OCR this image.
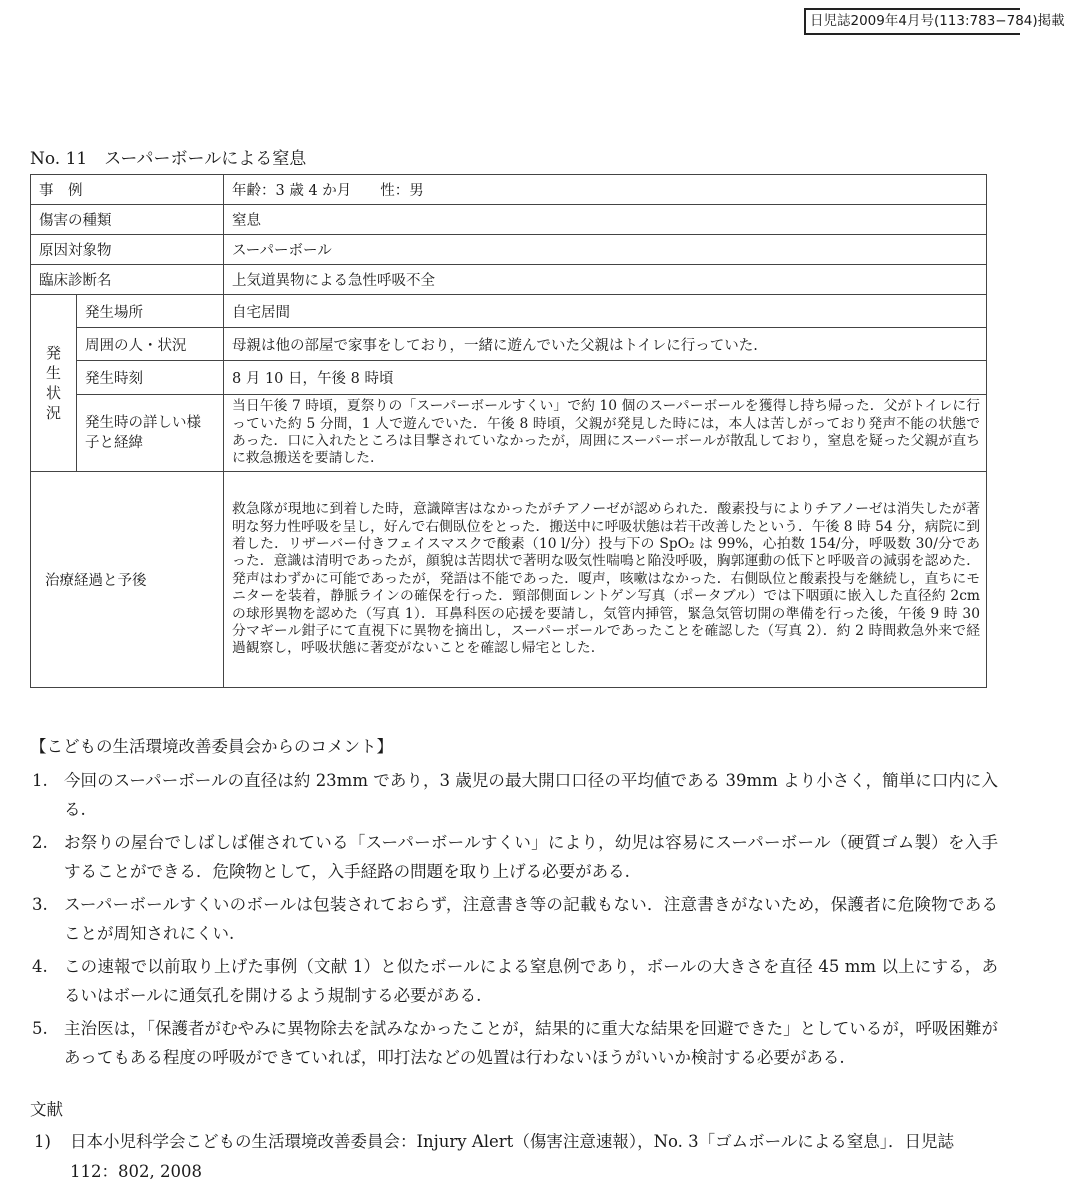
日児誌2009年4月号(113:783−784)掲載
No. 11　スーパーボールによる窒息
事　例		年齢：3 歳 4 か月　　性：男
傷害の種類		窒息
原因対象物		スーパーボール
臨床診断名		上気道異物による急性呼吸不全
発生状況	発生場所	自宅居間
	周囲の人・状況	母親は他の部屋で家事をしており，一緒に遊んでいた父親はトイレに行っていた.
	発生時刻	8 月 10 日，午後 8 時頃
	発生時の詳しい様子と経緯	当日午後 7 時頃，夏祭りの「スーパーボールすくい」で約 10 個のスーパーボールを獲得し持ち帰った．父がトイレに行っていた約 5 分間，1 人で遊んでいた．午後 8 時頃，父親が発見した時には，本人は苦しがっており発声不能の状態であった．口に入れたところは目撃されていなかったが，周囲にスーパーボールが散乱しており，窒息を疑った父親が直ちに救急搬送を要請した.
治療経過と予後		救急隊が現地に到着した時，意識障害はなかったがチアノーゼが認められた．酸素投与によりチアノーゼは消失したが著明な努力性呼吸を呈し，好んで右側臥位をとった．搬送中に呼吸状態は若干改善したという．午後 8 時 54 分，病院に到着した．リザーバー付きフェイスマスクで酸素（10 l/分）投与下の SpO₂ は 99%，心拍数 154/分，呼吸数 30/分であった．意識は清明であったが，顔貌は苦悶状で著明な吸気性喘鳴と陥没呼吸，胸郭運動の低下と呼吸音の減弱を認めた．発声はわずかに可能であったが，発語は不能であった．嗄声，咳嗽はなかった．右側臥位と酸素投与を継続し，直ちにモニターを装着，静脈ラインの確保を行った．頸部側面レントゲン写真（ポータブル）では下咽頭に嵌入した直径約 2cm の球形異物を認めた（写真 1）．耳鼻科医の応援を要請し，気管内挿管，緊急気管切開の準備を行った後，午後 9 時 30 分マギール鉗子にて直視下に異物を摘出し，スーパーボールであったことを確認した（写真 2）．約 2 時間救急外来で経過観察し，呼吸状態に著変がないことを確認し帰宅とした.
【こどもの生活環境改善委員会からのコメント】
1. 今回のスーパーボールの直径は約 23mm であり，3 歳児の最大開口口径の平均値である 39mm より小さく，簡単に口内に入る.
2. お祭りの屋台でしばしば催されている「スーパーボールすくい」により，幼児は容易にスーパーボール（硬質ゴム製）を入手することができる．危険物として，入手経路の問題を取り上げる必要がある.
3. スーパーボールすくいのボールは包装されておらず，注意書き等の記載もない．注意書きがないため，保護者に危険物であることが周知されにくい.
4. この速報で以前取り上げた事例（文献 1）と似たボールによる窒息例であり，ボールの大きさを直径 45 mm 以上にする，あるいはボールに通気孔を開けるよう規制する必要がある.
5. 主治医は，「保護者がむやみに異物除去を試みなかったことが，結果的に重大な結果を回避できた」としているが，呼吸困難があってもある程度の呼吸ができていれば，叩打法などの処置は行わないほうがいいか検討する必要がある.
文献
1) 日本小児科学会こどもの生活環境改善委員会：Injury Alert（傷害注意速報），No. 3「ゴムボールによる窒息」．日児誌　112：802, 2008
